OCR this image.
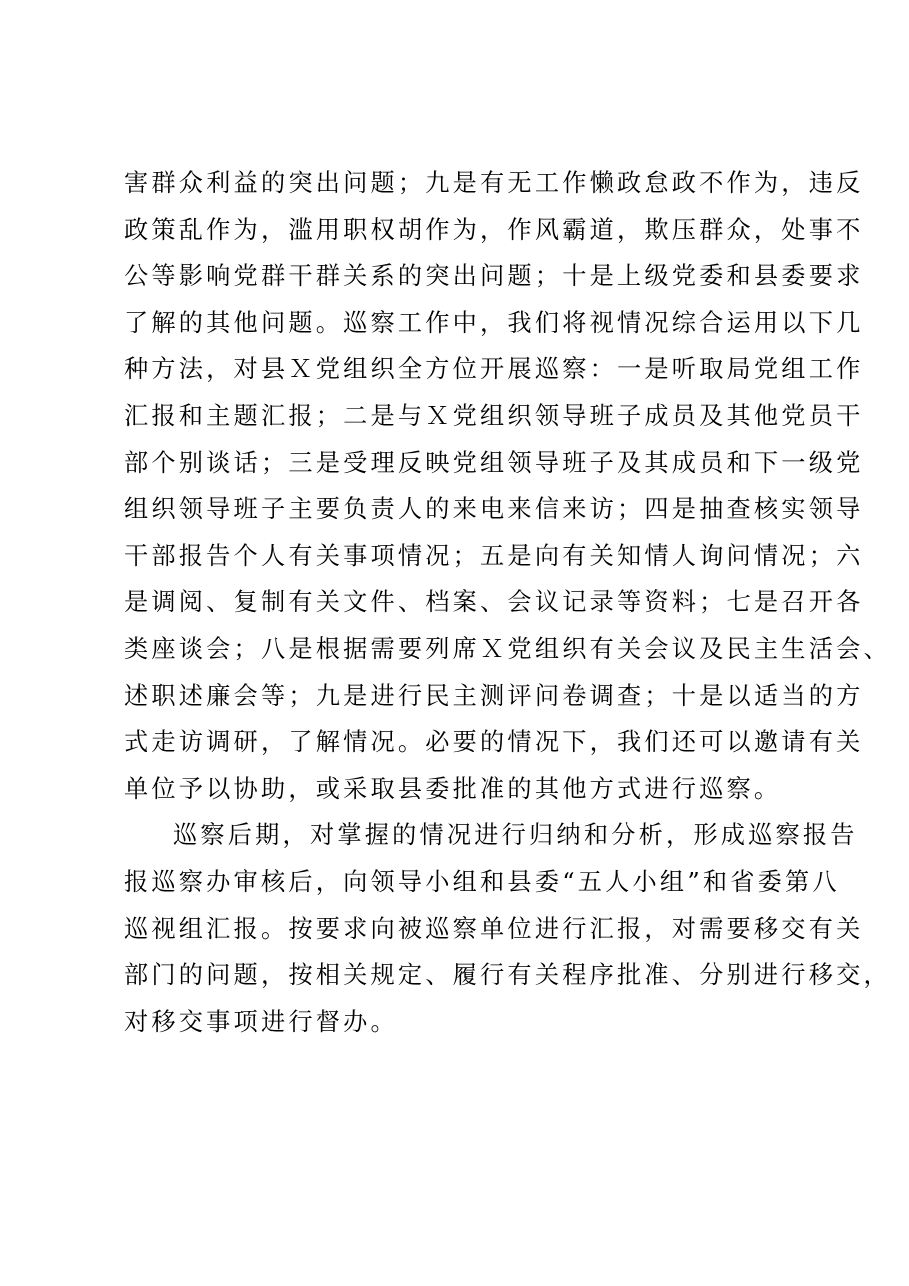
害群众利益的突出问题；九是有无工作懒政怠政不作为，违反
政策乱作为，滥用职权胡作为，作风霸道，欺压群众，处事不
公等影响党群干群关系的突出问题；十是上级党委和县委要求
了解的其他问题。巡察工作中，我们将视情况综合运用以下几
种方法，对县Ｘ党组织全方位开展巡察：一是听取局党组工作
汇报和主题汇报；二是与Ｘ党组织领导班子成员及其他党员干
部个别谈话；三是受理反映党组领导班子及其成员和下一级党
组织领导班子主要负责人的来电来信来访；四是抽查核实领导
干部报告个人有关事项情况；五是向有关知情人询问情况；六
是调阅、复制有关文件、档案、会议记录等资料；七是召开各
类座谈会；八是根据需要列席Ｘ党组织有关会议及民主生活会、
述职述廉会等；九是进行民主测评问卷调查；十是以适当的方
式走访调研，了解情况。必要的情况下，我们还可以邀请有关
单位予以协助，或采取县委批准的其他方式进行巡察。
巡察后期，对掌握的情况进行归纳和分析，形成巡察报告
报巡察办审核后，向领导小组和县委“五人小组”和省委第八
巡视组汇报。按要求向被巡察单位进行汇报，对需要移交有关
部门的问题，按相关规定、履行有关程序批准、分别进行移交，
对移交事项进行督办。
